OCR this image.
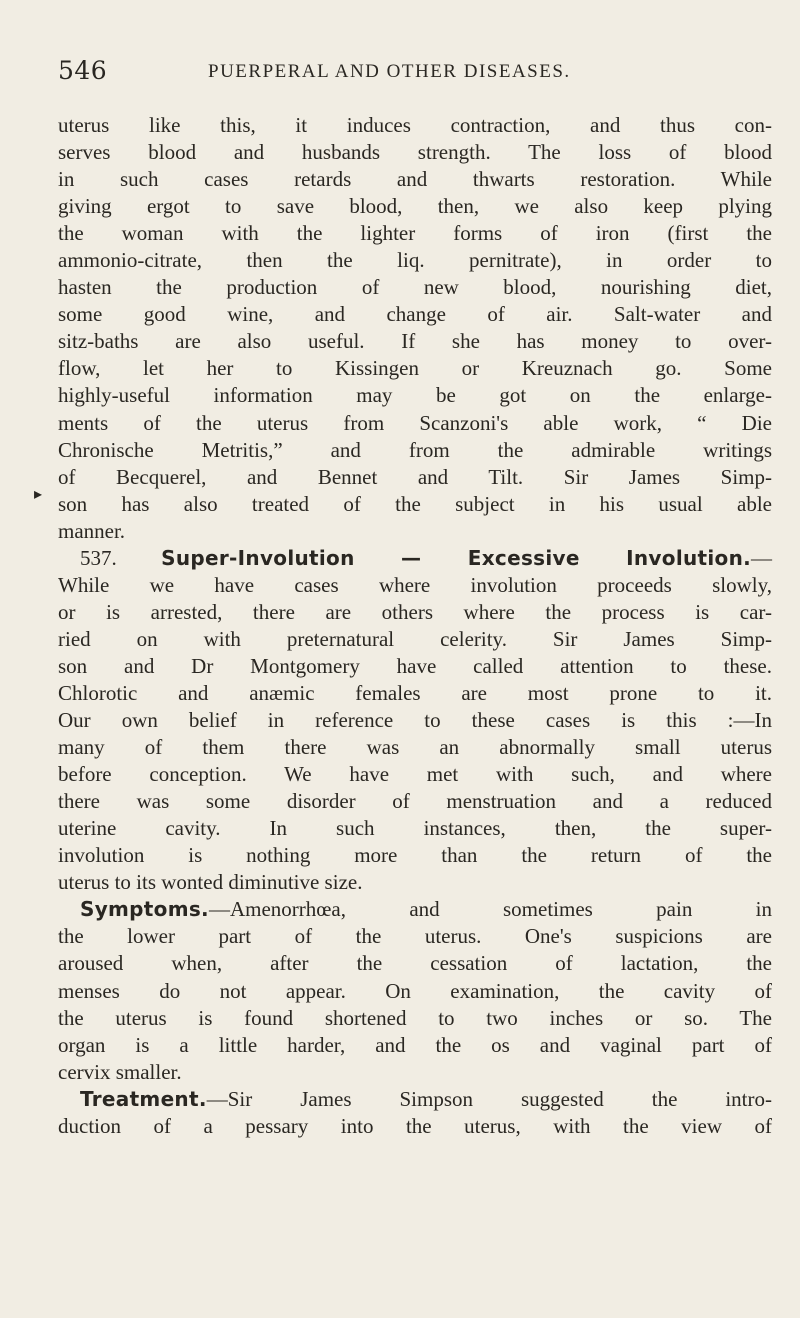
546	PUERPERAL AND OTHER DISEASES.
▸
uterus like this, it induces contraction, and thus con-
serves blood and husbands strength. The loss of blood
in such cases retards and thwarts restoration. While
giving ergot to save blood, then, we also keep plying
the woman with the lighter forms of iron (first the
ammonio-citrate, then the liq. pernitrate), in order to
hasten the production of new blood, nourishing diet,
some good wine, and change of air. Salt-water and
sitz-baths are also useful. If she has money to over-
flow, let her to Kissingen or Kreuznach go. Some
highly-useful information may be got on the enlarge-
ments of the uterus from Scanzoni's able work, “ Die
Chronische Metritis,” and from the admirable writings
of Becquerel, and Bennet and Tilt. Sir James Simp-
son has also treated of the subject in his usual able
manner.
537. Super-Involution — Excessive Involution.—
While we have cases where involution proceeds slowly,
or is arrested, there are others where the process is car-
ried on with preternatural celerity. Sir James Simp-
son and Dr Montgomery have called attention to these.
Chlorotic and anæmic females are most prone to it.
Our own belief in reference to these cases is this :—In
many of them there was an abnormally small uterus
before conception. We have met with such, and where
there was some disorder of menstruation and a reduced
uterine cavity. In such instances, then, the super-
involution is nothing more than the return of the
uterus to its wonted diminutive size.
Symptoms.—Amenorrhœa, and sometimes pain in
the lower part of the uterus. One's suspicions are
aroused when, after the cessation of lactation, the
menses do not appear. On examination, the cavity of
the uterus is found shortened to two inches or so. The
organ is a little harder, and the os and vaginal part of
cervix smaller.
Treatment.—Sir James Simpson suggested the intro-
duction of a pessary into the uterus, with the view of
